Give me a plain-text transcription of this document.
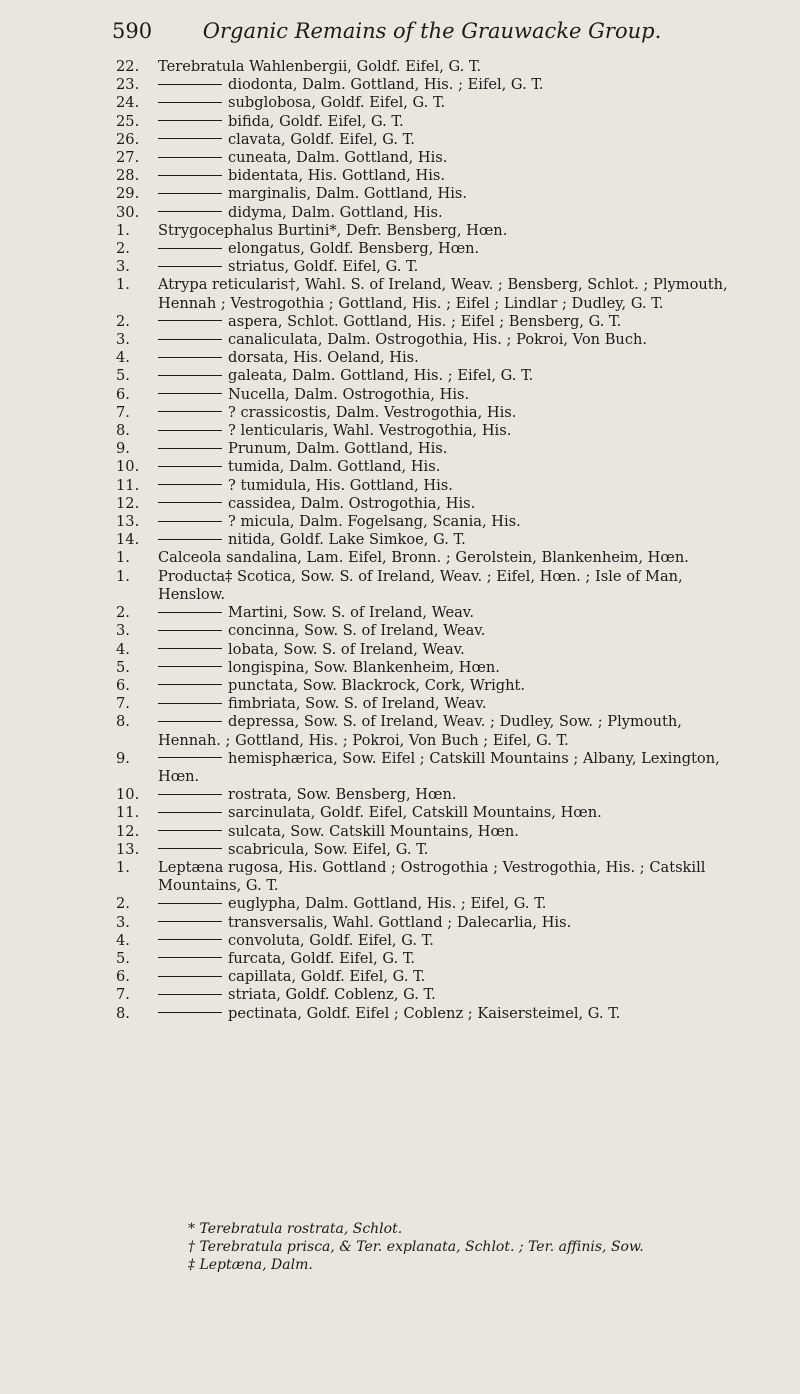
590 Organic Remains of the Grauwacke Group.
22.	Terebratula Wahlenbergii, Goldf. Eifel, G. T.
23.	diodonta, Dalm. Gottland, His. ; Eifel, G. T.
24.	subglobosa, Goldf. Eifel, G. T.
25.	bifida, Goldf. Eifel, G. T.
26.	clavata, Goldf. Eifel, G. T.
27.	cuneata, Dalm. Gottland, His.
28.	bidentata, His. Gottland, His.
29.	marginalis, Dalm. Gottland, His.
30.	didyma, Dalm. Gottland, His.
1.	Strygocephalus Burtini*, Defr. Bensberg, Hœn.
2.	elongatus, Goldf. Bensberg, Hœn.
3.	striatus, Goldf. Eifel, G. T.
1.	Atrypa reticularis†, Wahl. S. of Ireland, Weav. ; Bensberg, Schlot. ; Plymouth, Hennah ; Vestrogothia ; Gottland, His. ; Eifel ; Lindlar ; Dudley, G. T.
2.	aspera, Schlot. Gottland, His. ; Eifel ; Bensberg, G. T.
3.	canaliculata, Dalm. Ostrogothia, His. ; Pokroi, Von Buch.
4.	dorsata, His. Oeland, His.
5.	galeata, Dalm. Gottland, His. ; Eifel, G. T.
6.	Nucella, Dalm. Ostrogothia, His.
7.	? crassicostis, Dalm. Vestrogothia, His.
8.	? lenticularis, Wahl. Vestrogothia, His.
9.	Prunum, Dalm. Gottland, His.
10.	tumida, Dalm. Gottland, His.
11.	? tumidula, His. Gottland, His.
12.	cassidea, Dalm. Ostrogothia, His.
13.	? micula, Dalm. Fogelsang, Scania, His.
14.	nitida, Goldf. Lake Simkoe, G. T.
1.	Calceola sandalina, Lam. Eifel, Bronn. ; Gerolstein, Blankenheim, Hœn.
1.	Producta‡ Scotica, Sow. S. of Ireland, Weav. ; Eifel, Hœn. ; Isle of Man, Henslow.
2.	Martini, Sow. S. of Ireland, Weav.
3.	concinna, Sow. S. of Ireland, Weav.
4.	lobata, Sow. S. of Ireland, Weav.
5.	longispina, Sow. Blankenheim, Hœn.
6.	punctata, Sow. Blackrock, Cork, Wright.
7.	fimbriata, Sow. S. of Ireland, Weav.
8.	depressa, Sow. S. of Ireland, Weav. ; Dudley, Sow. ; Plymouth, Hennah. ; Gottland, His. ; Pokroi, Von Buch ; Eifel, G. T.
9.	hemisphærica, Sow. Eifel ; Catskill Mountains ; Albany, Lexington, Hœn.
10.	rostrata, Sow. Bensberg, Hœn.
11.	sarcinulata, Goldf. Eifel, Catskill Mountains, Hœn.
12.	sulcata, Sow. Catskill Mountains, Hœn.
13.	scabricula, Sow. Eifel, G. T.
1.	Leptæna rugosa, His. Gottland ; Ostrogothia ; Vestrogothia, His. ; Catskill Mountains, G. T.
2.	euglypha, Dalm. Gottland, His. ; Eifel, G. T.
3.	transversalis, Wahl. Gottland ; Dalecarlia, His.
4.	convoluta, Goldf. Eifel, G. T.
5.	furcata, Goldf. Eifel, G. T.
6.	capillata, Goldf. Eifel, G. T.
7.	striata, Goldf. Coblenz, G. T.
8.	pectinata, Goldf. Eifel ; Coblenz ; Kaisersteimel, G. T.
* Terebratula rostrata, Schlot.
† Terebratula prisca, & Ter. explanata, Schlot. ; Ter. affinis, Sow.
‡ Leptæna, Dalm.
